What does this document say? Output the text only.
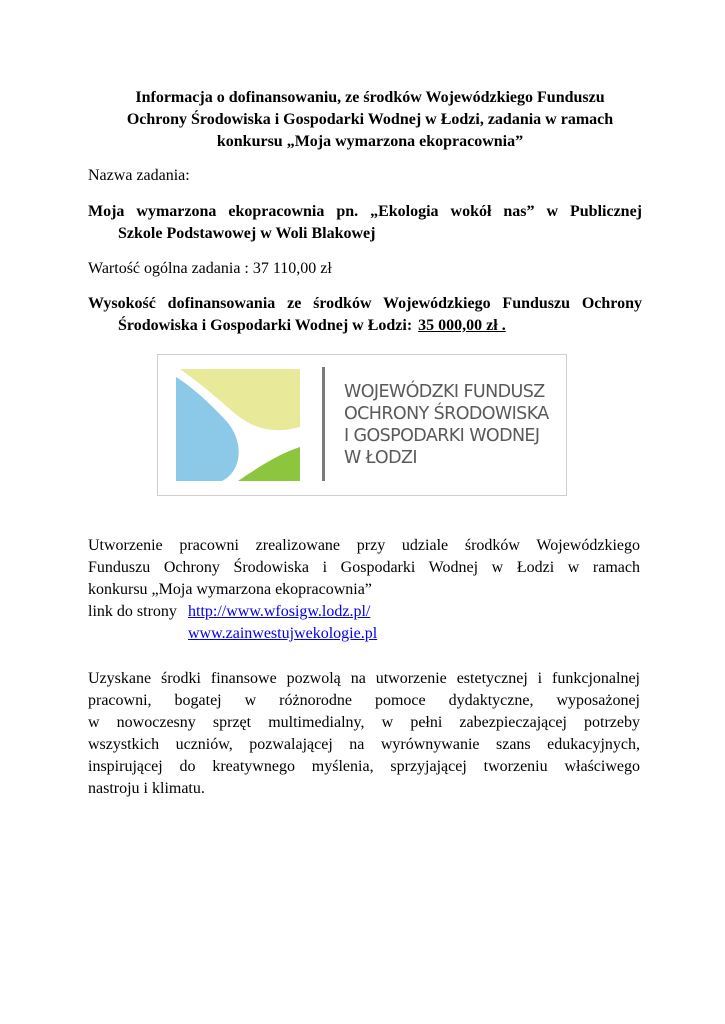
Informacja o dofinansowaniu, ze środków Wojewódzkiego Funduszu
Ochrony Środowiska i Gospodarki Wodnej w Łodzi, zadania w ramach
konkursu „Moja wymarzona ekopracownia”
Nazwa zadania:
Moja wymarzona ekopracownia pn. „Ekologia wokół nas” w Publicznej
Szkole Podstawowej w Woli Blakowej
Wartość ogólna zadania : 37 110,00 zł
Wysokość dofinansowania ze środków Wojewódzkiego Funduszu Ochrony
Środowiska i Gospodarki Wodnej w Łodzi: 35 000,00 zł .
WOJEWÓDZKI FUNDUSZ
OCHRONY ŚRODOWISKA
I GOSPODARKI WODNEJ
W ŁODZI
Utworzenie pracowni zrealizowane przy udziale środków Wojewódzkiego
Funduszu Ochrony Środowiska i Gospodarki Wodnej w Łodzi w ramach
konkursu „Moja wymarzona ekopracownia”
link do strony http://www.wfosigw.lodz.pl/
www.zainwestujwekologie.pl
Uzyskane środki finansowe pozwolą na utworzenie estetycznej i funkcjonalnej
pracowni, bogatej w różnorodne pomoce dydaktyczne, wyposażonej
w nowoczesny sprzęt multimedialny, w pełni zabezpieczającej potrzeby
wszystkich uczniów, pozwalającej na wyrównywanie szans edukacyjnych,
inspirującej do kreatywnego myślenia, sprzyjającej tworzeniu właściwego
nastroju i klimatu.
